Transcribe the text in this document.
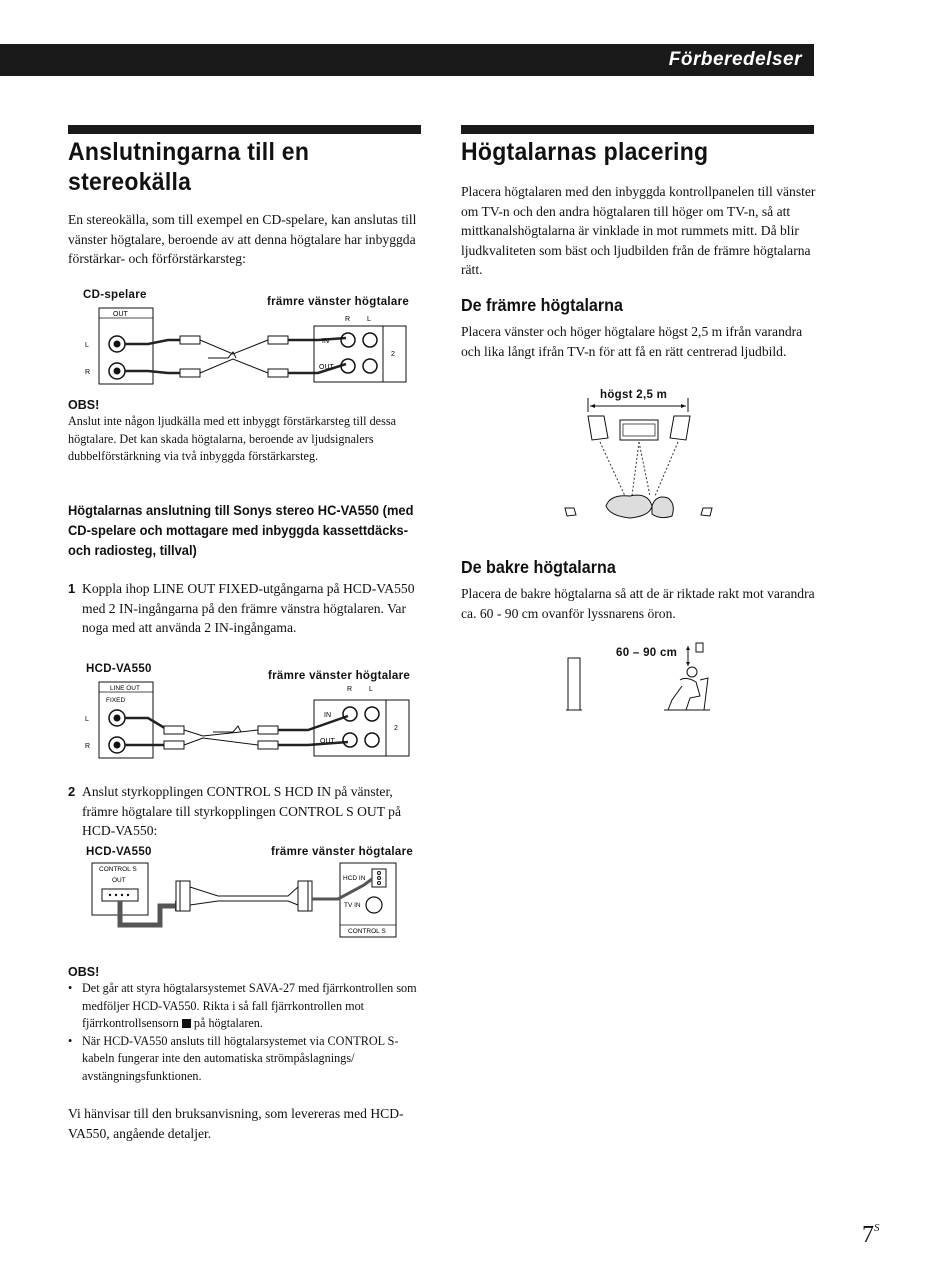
Förberedelser
Anslutningarna till en stereokälla

En stereokälla, som till exempel en CD-spelare, kan anslutas till vänster högtalare, beroende av att denna högtalare har inbyggda förstärkar- och förförstärkarsteg:

CD-spelare
främre vänster högtalare
OUT
L
R
IN
OUT
2
R L
OBS!

Anslut inte någon ljudkälla med ett inbyggt förstärkarsteg till dessa högtalare. Det kan skada högtalarna, beroende av ljudsignalers dubbelförstärkning via två inbyggda förstärkarsteg.

Högtalarnas anslutning till Sonys stereo HC-VA550 (med CD-spelare och mottagare med inbyggda kassettdäcks- och radiosteg, tillval)
1 Koppla ihop LINE OUT FIXED-utgångarna på HCD-VA550 med 2 IN-ingångarna på den främre vänstra högtalaren. Var noga med att använda 2 IN-ingångama.
HCD-VA550
främre vänster högtalare
LINE OUT
FIXED
L
R
IN
OUT
2
R L
2 Anslut styrkopplingen CONTROL S HCD IN på vänster, främre högtalare till styrkopplingen CONTROL S OUT på HCD-VA550:
HCD-VA550	främre vänster högtalare
CONTROL S
OUT	HCD IN
TV IN
CONTROL S
OBS!
• Det går att styra högtalarsystemet SAVA-27 med fjärrkontrollen som medföljer HCD-VA550. Rikta i så fall fjärrkontrollen mot fjärrkontrollsensorn på högtalaren.
• När HCD-VA550 ansluts till högtalarsystemet via CONTROL S-kabeln fungerar inte den automatiska strömpåslagnings/ avstängningsfunktionen.

Vi hänvisar till den bruksanvisning, som levereras med HCD-VA550, angående detaljer.

Högtalarnas placering

Placera högtalaren med den inbyggda kontrollpanelen till vänster om TV-n och den andra högtalaren till höger om TV-n, så att mittkanalshögtalarna är vinklade in mot rummets mitt. Då blir ljudkvaliteten som bäst och ljudbilden från de främre högtalarna rätt.

De främre högtalarna

Placera vänster och höger högtalare högst 2,5 m ifrån varandra och lika långt ifrån TV-n för att få en rätt centrerad ljudbild.

högst 2,5 m
De bakre högtalarna

Placera de bakre högtalarna så att de är riktade rakt mot varandra ca. 60 - 90 cm ovanför lyssnarens öron.

60 – 90 cm
$7^S$
